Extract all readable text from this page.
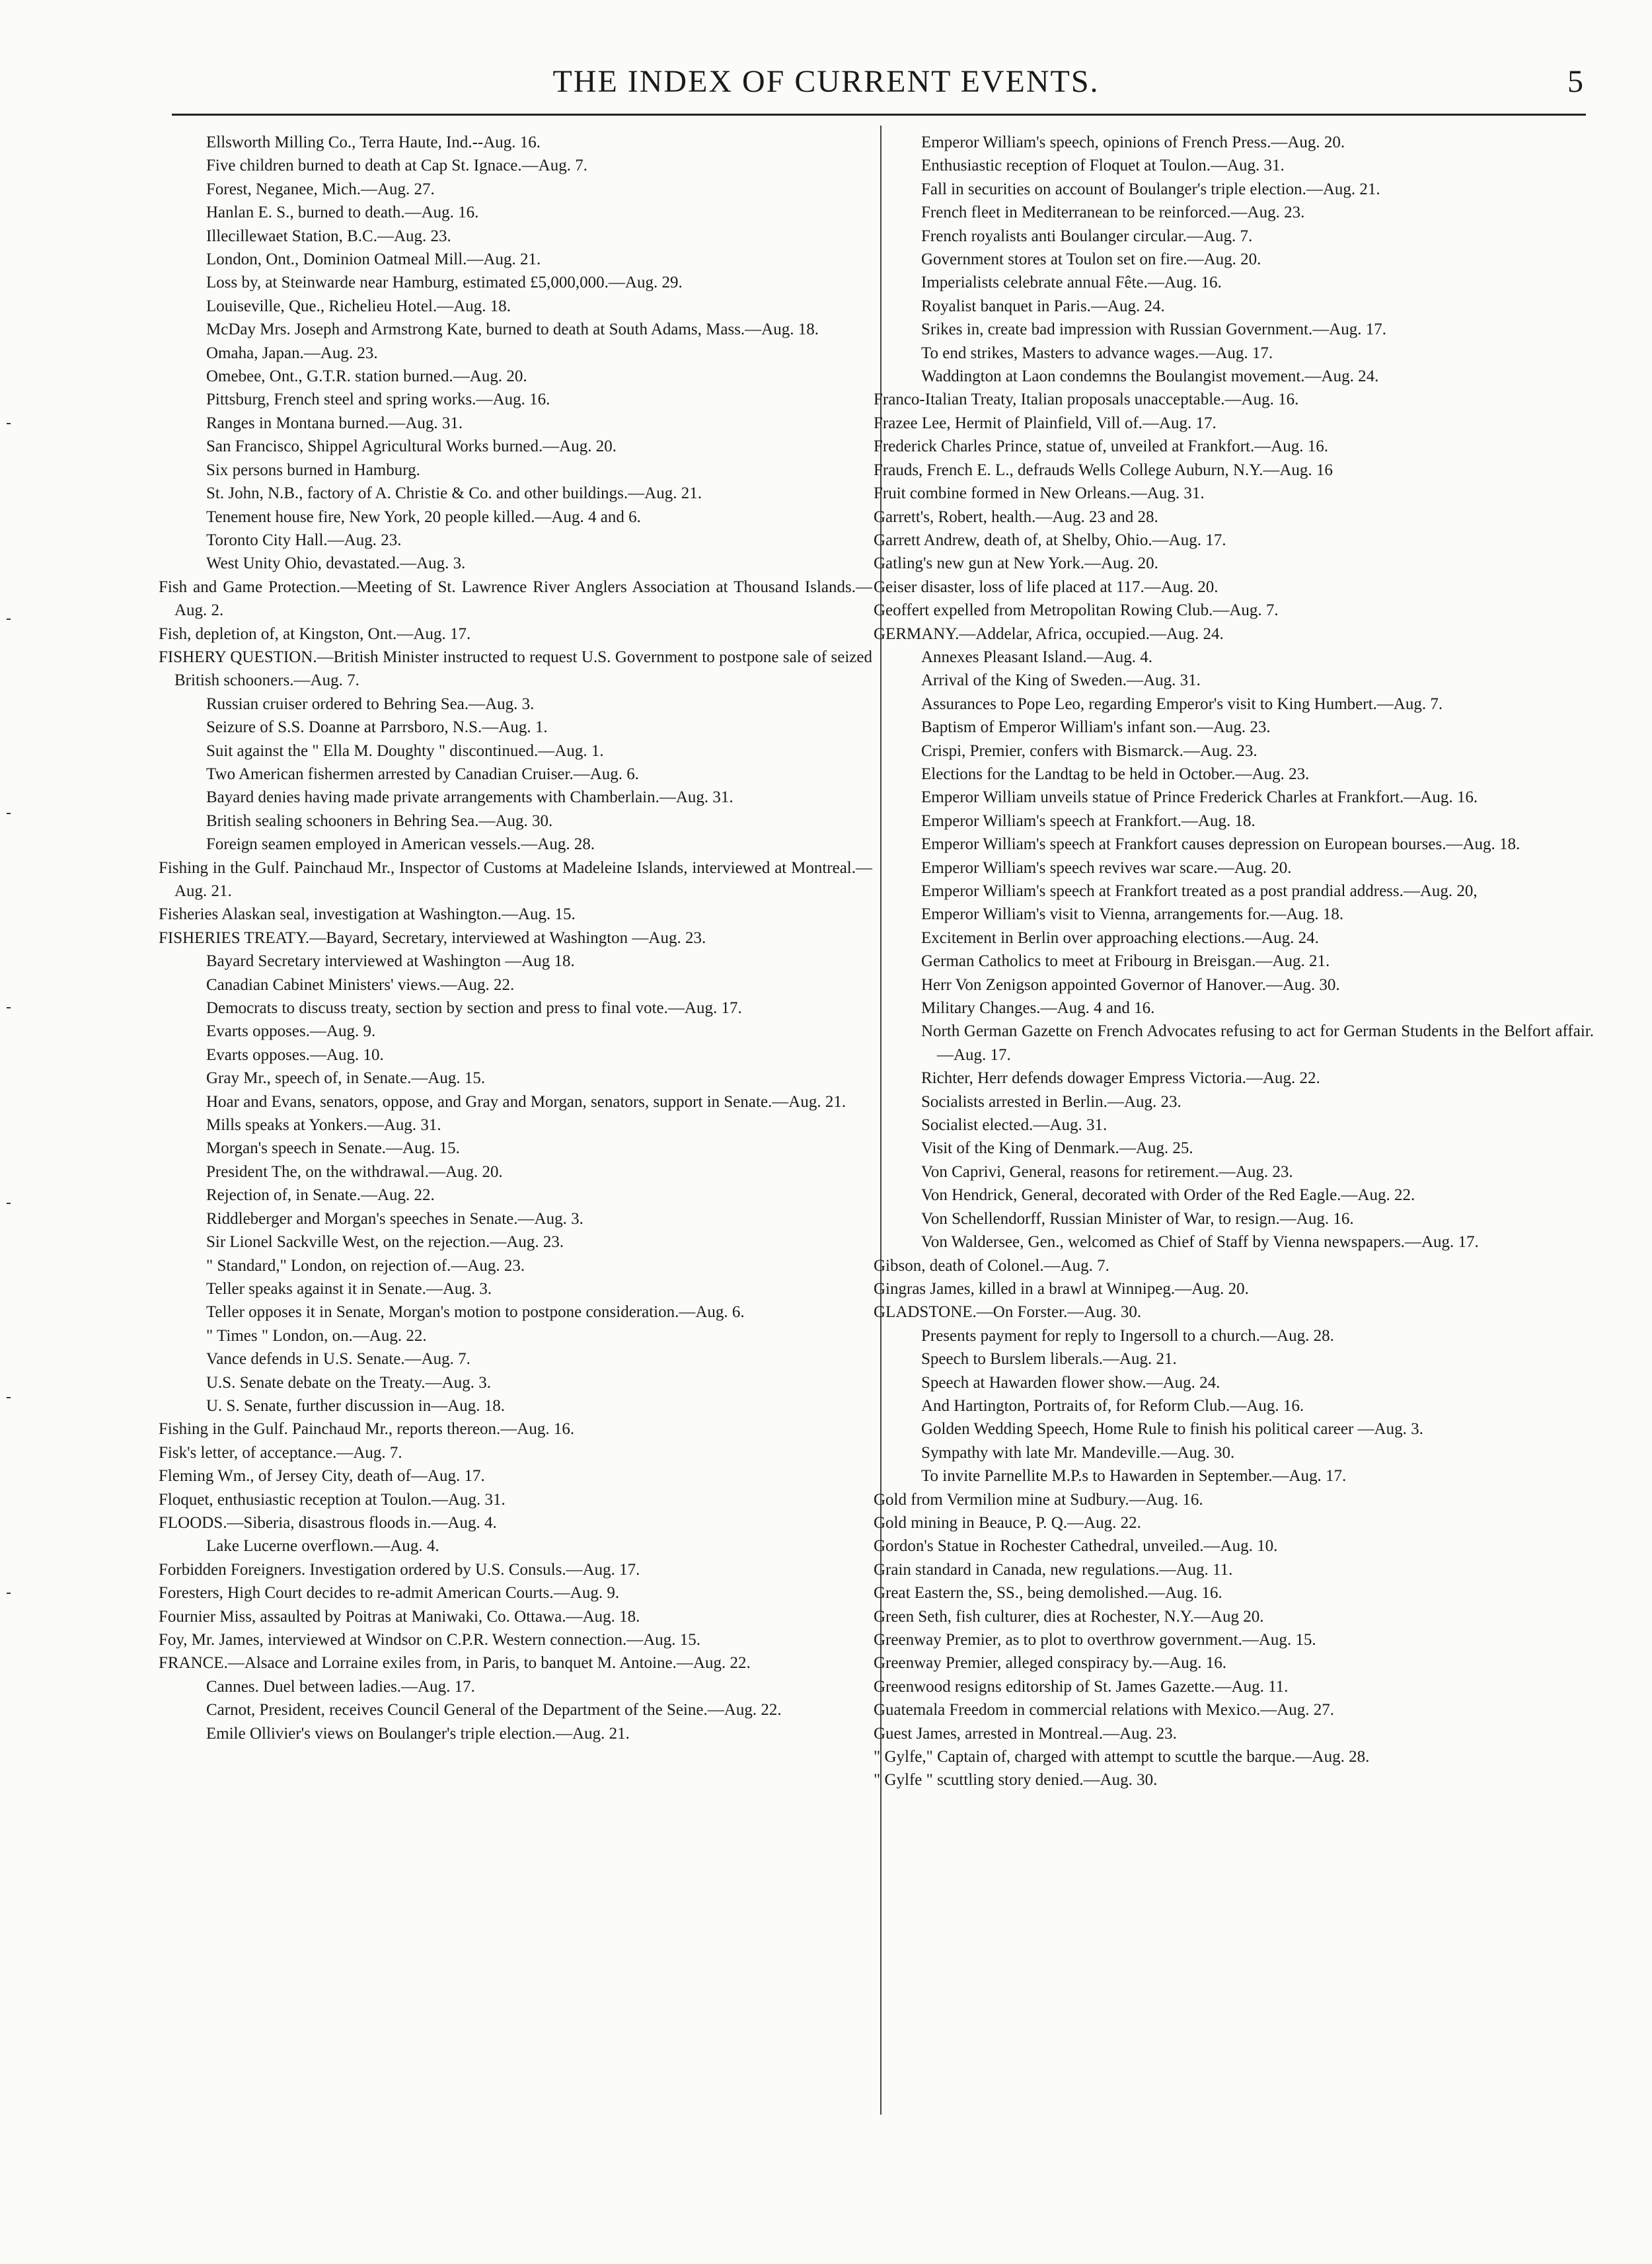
THE INDEX OF CURRENT EVENTS.	5

Ellsworth Milling Co., Terra Haute, Ind.--Aug. 16.

Five children burned to death at Cap St. Ignace.—Aug. 7.

Forest, Neganee, Mich.—Aug. 27.

Hanlan E. S., burned to death.—Aug. 16.

Illecillewaet Station, B.C.—Aug. 23.

London, Ont., Dominion Oatmeal Mill.—Aug. 21.

Loss by, at Steinwarde near Hamburg, estimated £5,000,000.—Aug. 29.

Louiseville, Que., Richelieu Hotel.—Aug. 18.

McDay Mrs. Joseph and Armstrong Kate, burned to death at South Adams, Mass.—Aug. 18.

Omaha, Japan.—Aug. 23.

Omebee, Ont., G.T.R. station burned.—Aug. 20.

Pittsburg, French steel and spring works.—Aug. 16.

Ranges in Montana burned.—Aug. 31.

San Francisco, Shippel Agricultural Works burned.—Aug. 20.

Six persons burned in Hamburg.

St. John, N.B., factory of A. Christie & Co. and other buildings.—Aug. 21.

Tenement house fire, New York, 20 people killed.—Aug. 4 and 6.

Toronto City Hall.—Aug. 23.

West Unity Ohio, devastated.—Aug. 3.

Fish and Game Protection.—Meeting of St. Lawrence River Anglers Association at Thousand Islands.—Aug. 2.

Fish, depletion of, at Kingston, Ont.—Aug. 17.

FISHERY QUESTION.—British Minister instructed to request U.S. Government to postpone sale of seized British schooners.—Aug. 7.

Russian cruiser ordered to Behring Sea.—Aug. 3.

Seizure of S.S. Doanne at Parrsboro, N.S.—Aug. 1.

Suit against the " Ella M. Doughty " discontinued.—Aug. 1.

Two American fishermen arrested by Canadian Cruiser.—Aug. 6.

Bayard denies having made private arrangements with Chamberlain.—Aug. 31.

British sealing schooners in Behring Sea.—Aug. 30.

Foreign seamen employed in American vessels.—Aug. 28.

Fishing in the Gulf. Painchaud Mr., Inspector of Customs at Madeleine Islands, interviewed at Montreal.—Aug. 21.

Fisheries Alaskan seal, investigation at Washington.—Aug. 15.

FISHERIES TREATY.—Bayard, Secretary, interviewed at Washington —Aug. 23.

Bayard Secretary interviewed at Washington —Aug 18.

Canadian Cabinet Ministers' views.—Aug. 22.

Democrats to discuss treaty, section by section and press to final vote.—Aug. 17.

Evarts opposes.—Aug. 9.

Evarts opposes.—Aug. 10.

Gray Mr., speech of, in Senate.—Aug. 15.

Hoar and Evans, senators, oppose, and Gray and Morgan, senators, support in Senate.—Aug. 21.

Mills speaks at Yonkers.—Aug. 31.

Morgan's speech in Senate.—Aug. 15.

President The, on the withdrawal.—Aug. 20.

Rejection of, in Senate.—Aug. 22.

Riddleberger and Morgan's speeches in Senate.—Aug. 3.

Sir Lionel Sackville West, on the rejection.—Aug. 23.

" Standard," London, on rejection of.—Aug. 23.

Teller speaks against it in Senate.—Aug. 3.

Teller opposes it in Senate, Morgan's motion to postpone consideration.—Aug. 6.

" Times " London, on.—Aug. 22.

Vance defends in U.S. Senate.—Aug. 7.

U.S. Senate debate on the Treaty.—Aug. 3.

U. S. Senate, further discussion in—Aug. 18.

Fishing in the Gulf. Painchaud Mr., reports thereon.—Aug. 16.

Fisk's letter, of acceptance.—Aug. 7.

Fleming Wm., of Jersey City, death of—Aug. 17.

Floquet, enthusiastic reception at Toulon.—Aug. 31.

FLOODS.—Siberia, disastrous floods in.—Aug. 4.

Lake Lucerne overflown.—Aug. 4.

Forbidden Foreigners. Investigation ordered by U.S. Consuls.—Aug. 17.

Foresters, High Court decides to re-admit American Courts.—Aug. 9.

Fournier Miss, assaulted by Poitras at Maniwaki, Co. Ottawa.—Aug. 18.

Foy, Mr. James, interviewed at Windsor on C.P.R. Western connection.—Aug. 15.

FRANCE.—Alsace and Lorraine exiles from, in Paris, to banquet M. Antoine.—Aug. 22.

Cannes. Duel between ladies.—Aug. 17.

Carnot, President, receives Council General of the Department of the Seine.—Aug. 22.

Emile Ollivier's views on Boulanger's triple election.—Aug. 21.

Emperor William's speech, opinions of French Press.—Aug. 20.

Enthusiastic reception of Floquet at Toulon.—Aug. 31.

Fall in securities on account of Boulanger's triple election.—Aug. 21.

French fleet in Mediterranean to be reinforced.—Aug. 23.

French royalists anti Boulanger circular.—Aug. 7.

Government stores at Toulon set on fire.—Aug. 20.

Imperialists celebrate annual Fête.—Aug. 16.

Royalist banquet in Paris.—Aug. 24.

Srikes in, create bad impression with Russian Government.—Aug. 17.

To end strikes, Masters to advance wages.—Aug. 17.

Waddington at Laon condemns the Boulangist movement.—Aug. 24.

Franco-Italian Treaty, Italian proposals unacceptable.—Aug. 16.

Frazee Lee, Hermit of Plainfield, Vill of.—Aug. 17.

Frederick Charles Prince, statue of, unveiled at Frankfort.—Aug. 16.

Frauds, French E. L., defrauds Wells College Auburn, N.Y.—Aug. 16

Fruit combine formed in New Orleans.—Aug. 31.

Garrett's, Robert, health.—Aug. 23 and 28.

Garrett Andrew, death of, at Shelby, Ohio.—Aug. 17.

Gatling's new gun at New York.—Aug. 20.

Geiser disaster, loss of life placed at 117.—Aug. 20.

Geoffert expelled from Metropolitan Rowing Club.—Aug. 7.

GERMANY.—Addelar, Africa, occupied.—Aug. 24.

Annexes Pleasant Island.—Aug. 4.

Arrival of the King of Sweden.—Aug. 31.

Assurances to Pope Leo, regarding Emperor's visit to King Humbert.—Aug. 7.

Baptism of Emperor William's infant son.—Aug. 23.

Crispi, Premier, confers with Bismarck.—Aug. 23.

Elections for the Landtag to be held in October.—Aug. 23.

Emperor William unveils statue of Prince Frederick Charles at Frankfort.—Aug. 16.

Emperor William's speech at Frankfort.—Aug. 18.

Emperor William's speech at Frankfort causes depression on European bourses.—Aug. 18.

Emperor William's speech revives war scare.—Aug. 20.

Emperor William's speech at Frankfort treated as a post prandial address.—Aug. 20,

Emperor William's visit to Vienna, arrangements for.—Aug. 18.

Excitement in Berlin over approaching elections.—Aug. 24.

German Catholics to meet at Fribourg in Breisgan.—Aug. 21.

Herr Von Zenigson appointed Governor of Hanover.—Aug. 30.

Military Changes.—Aug. 4 and 16.

North German Gazette on French Advocates refusing to act for German Students in the Belfort affair.—Aug. 17.

Richter, Herr defends dowager Empress Victoria.—Aug. 22.

Socialists arrested in Berlin.—Aug. 23.

Socialist elected.—Aug. 31.

Visit of the King of Denmark.—Aug. 25.

Von Caprivi, General, reasons for retirement.—Aug. 23.

Von Hendrick, General, decorated with Order of the Red Eagle.—Aug. 22.

Von Schellendorff, Russian Minister of War, to resign.—Aug. 16.

Von Waldersee, Gen., welcomed as Chief of Staff by Vienna newspapers.—Aug. 17.

Gibson, death of Colonel.—Aug. 7.

Gingras James, killed in a brawl at Winnipeg.—Aug. 20.

GLADSTONE.—On Forster.—Aug. 30.

Presents payment for reply to Ingersoll to a church.—Aug. 28.

Speech to Burslem liberals.—Aug. 21.

Speech at Hawarden flower show.—Aug. 24.

And Hartington, Portraits of, for Reform Club.—Aug. 16.

Golden Wedding Speech, Home Rule to finish his political career —Aug. 3.

Sympathy with late Mr. Mandeville.—Aug. 30.

To invite Parnellite M.P.s to Hawarden in September.—Aug. 17.

Gold from Vermilion mine at Sudbury.—Aug. 16.

Gold mining in Beauce, P. Q.—Aug. 22.

Gordon's Statue in Rochester Cathedral, unveiled.—Aug. 10.

Grain standard in Canada, new regulations.—Aug. 11.

Great Eastern the, SS., being demolished.—Aug. 16.

Green Seth, fish culturer, dies at Rochester, N.Y.—Aug 20.

Greenway Premier, as to plot to overthrow government.—Aug. 15.

Greenway Premier, alleged conspiracy by.—Aug. 16.

Greenwood resigns editorship of St. James Gazette.—Aug. 11.

Guatemala Freedom in commercial relations with Mexico.—Aug. 27.

Guest James, arrested in Montreal.—Aug. 23.

" Gylfe," Captain of, charged with attempt to scuttle the barque.—Aug. 28.

" Gylfe " scuttling story denied.—Aug. 30.
